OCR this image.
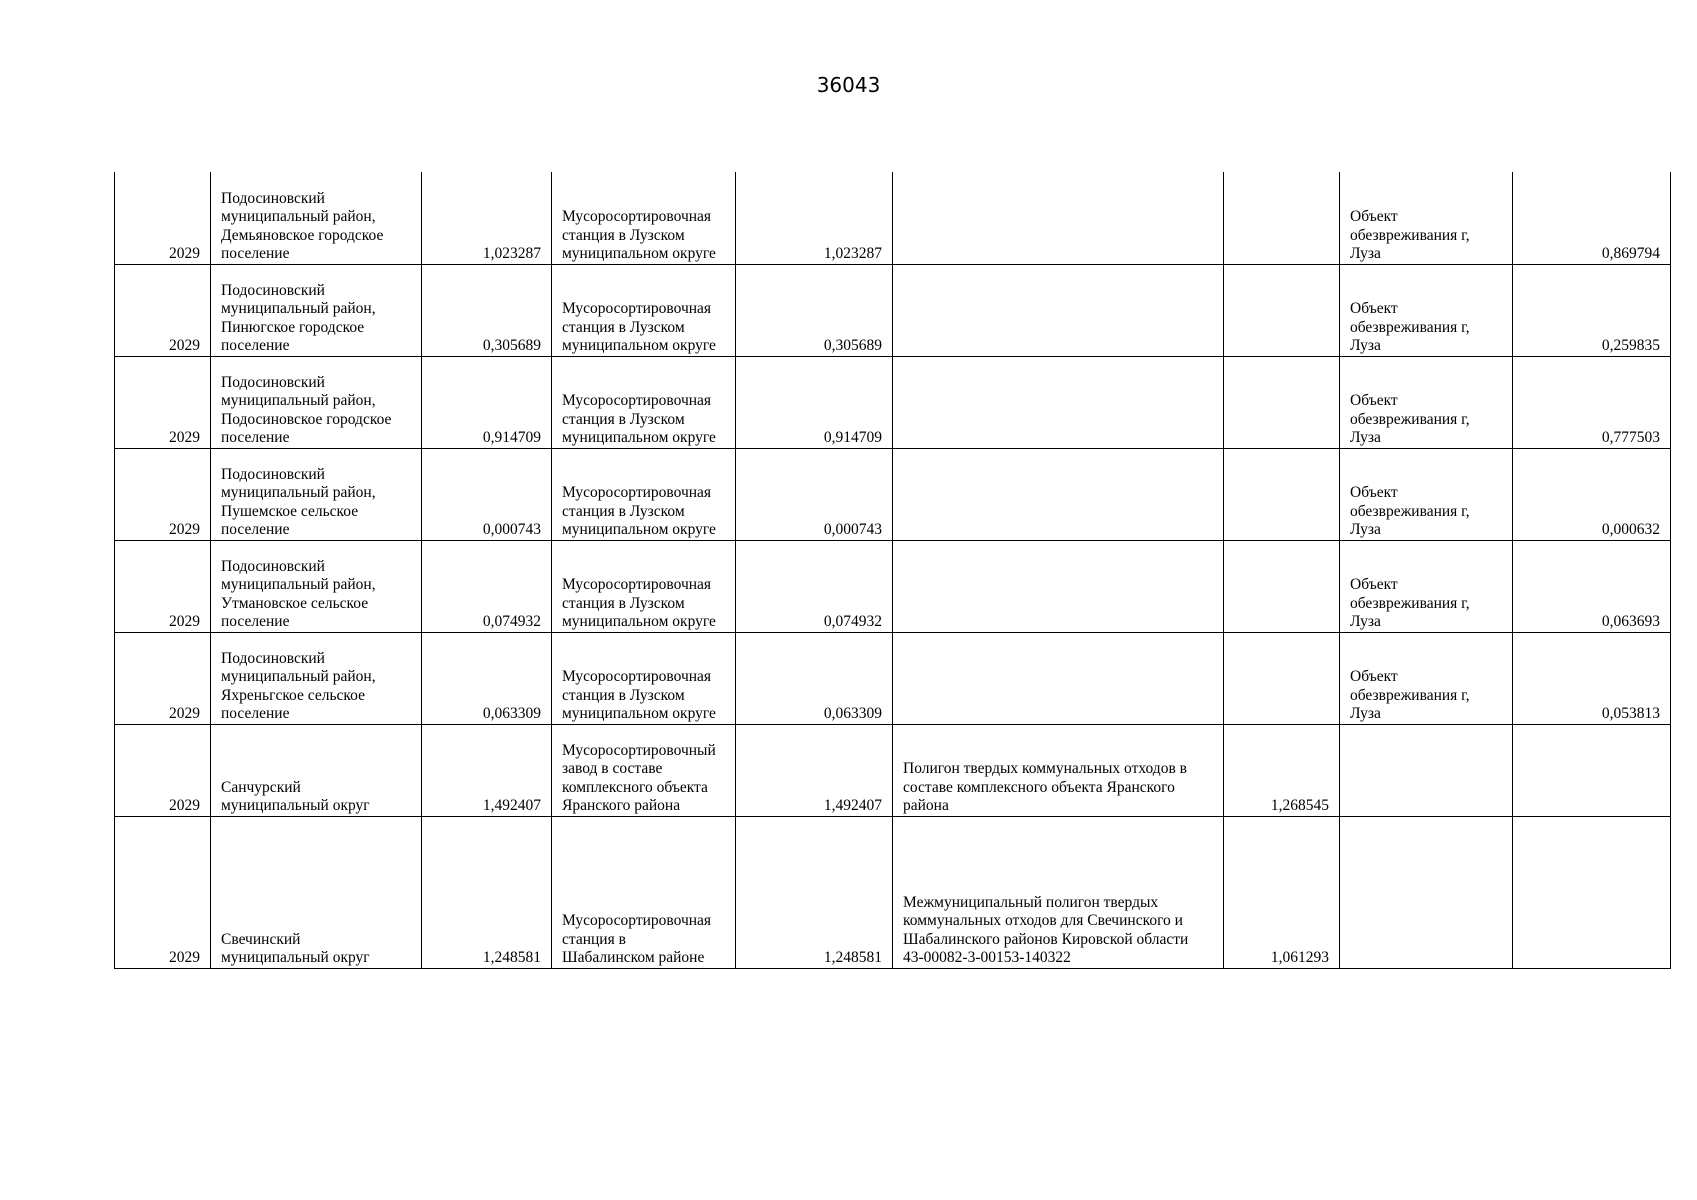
36043
2029	Подосиновский
муниципальный район,
Демьяновское городское
поселение	1,023287	Мусоросортировочная
станция в Лузском
муниципальном округе	1,023287			Объект
обезвреживания г,
Луза	0,869794
2029	Подосиновский
муниципальный район,
Пинюгское городское
поселение	0,305689	Мусоросортировочная
станция в Лузском
муниципальном округе	0,305689			Объект
обезвреживания г,
Луза	0,259835
2029	Подосиновский
муниципальный район,
Подосиновское городское
поселение	0,914709	Мусоросортировочная
станция в Лузском
муниципальном округе	0,914709			Объект
обезвреживания г,
Луза	0,777503
2029	Подосиновский
муниципальный район,
Пушемское сельское
поселение	0,000743	Мусоросортировочная
станция в Лузском
муниципальном округе	0,000743			Объект
обезвреживания г,
Луза	0,000632
2029	Подосиновский
муниципальный район,
Утмановское сельское
поселение	0,074932	Мусоросортировочная
станция в Лузском
муниципальном округе	0,074932			Объект
обезвреживания г,
Луза	0,063693
2029	Подосиновский
муниципальный район,
Яхреньгское сельское
поселение	0,063309	Мусоросортировочная
станция в Лузском
муниципальном округе	0,063309			Объект
обезвреживания г,
Луза	0,053813
2029	Санчурский
муниципальный округ	1,492407	Мусоросортировочный
завод в составе
комплексного объекта
Яранского района	1,492407	Полигон твердых коммунальных отходов в
составе комплексного объекта Яранского
района	1,268545		
2029	Свечинский
муниципальный округ	1,248581	Мусоросортировочная
станция в
Шабалинском районе	1,248581	Межмуниципальный полигон твердых
коммунальных отходов для Свечинского и
Шабалинского районов Кировской области
43-00082-3-00153-140322	1,061293		
